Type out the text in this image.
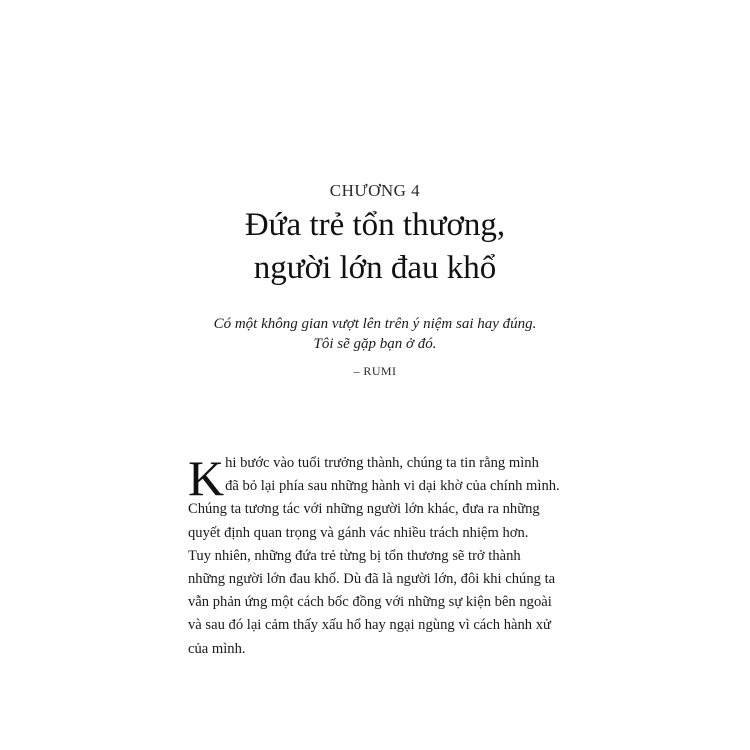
CHƯƠNG 4
Đứa trẻ tổn thương,
người lớn đau khổ
Có một không gian vượt lên trên ý niệm sai hay đúng.
Tôi sẽ gặp bạn ở đó.
– RUMI
K hi bước vào tuổi trưởng thành, chúng ta tin rằng mình
đã bỏ lại phía sau những hành vi dại khờ của chính mình.
Chúng ta tương tác với những người lớn khác, đưa ra những
quyết định quan trọng và gánh vác nhiều trách nhiệm hơn.
Tuy nhiên, những đứa trẻ từng bị tổn thương sẽ trở thành
những người lớn đau khổ. Dù đã là người lớn, đôi khi chúng ta
vẫn phản ứng một cách bốc đồng với những sự kiện bên ngoài
và sau đó lại cảm thấy xấu hổ hay ngại ngùng vì cách hành xử
của mình.
